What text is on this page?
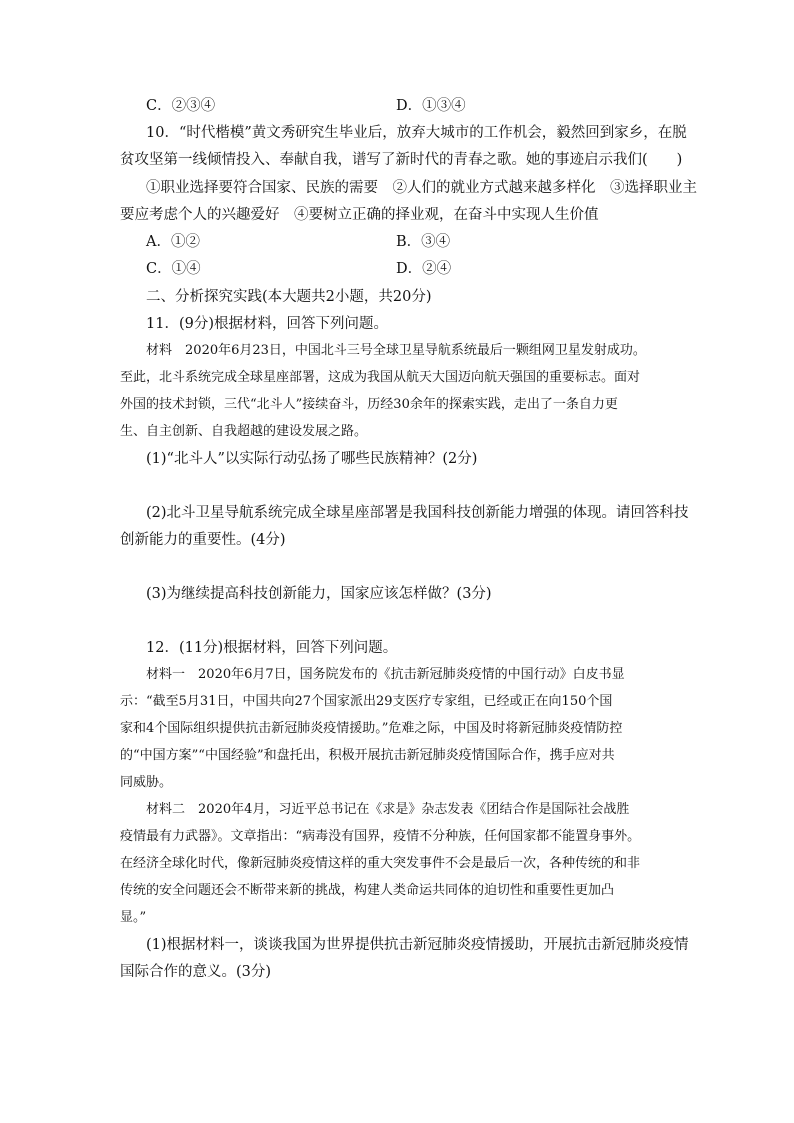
C．②③④	D．①③④
10．“时代楷模”黄文秀研究生毕业后，放弃大城市的工作机会，毅然回到家乡，在脱
贫攻坚第一线倾情投入、奉献自我，谱写了新时代的青春之歌。她的事迹启示我们(　　)
①职业选择要符合国家、民族的需要　②人们的就业方式越来越多样化　③选择职业主
要应考虑个人的兴趣爱好　④要树立正确的择业观，在奋斗中实现人生价值
A．①②	B．③④
C．①④	D．②④
二、分析探究实践(本大题共2小题，共20分)
11．(9分)根据材料，回答下列问题。
材料　 2020年6月23日，中国北斗三号全球卫星导航系统最后一颗组网卫星发射成功。
至此，北斗系统完成全球星座部署，这成为我国从航天大国迈向航天强国的重要标志。面对
外国的技术封锁，三代“北斗人”接续奋斗，历经30余年的探索实践，走出了一条自力更
生、自主创新、自我超越的建设发展之路。
(1)“北斗人”以实际行动弘扬了哪些民族精神？(2分)
(2)北斗卫星导航系统完成全球星座部署是我国科技创新能力增强的体现。请回答科技
创新能力的重要性。(4分)
(3)为继续提高科技创新能力，国家应该怎样做？(3分)
12．(11分)根据材料，回答下列问题。
材料一　 2020年6月7日，国务院发布的《抗击新冠肺炎疫情的中国行动》白皮书显
示：“截至5月31日，中国共向27个国家派出29支医疗专家组，已经或正在向150个国
家和4个国际组织提供抗击新冠肺炎疫情援助。”危难之际，中国及时将新冠肺炎疫情防控
的“中国方案”“中国经验”和盘托出，积极开展抗击新冠肺炎疫情国际合作，携手应对共
同威胁。
材料二　 2020年4月，习近平总书记在《求是》杂志发表《团结合作是国际社会战胜
疫情最有力武器》。文章指出：“病毒没有国界，疫情不分种族，任何国家都不能置身事外。
在经济全球化时代，像新冠肺炎疫情这样的重大突发事件不会是最后一次，各种传统的和非
传统的安全问题还会不断带来新的挑战，构建人类命运共同体的迫切性和重要性更加凸
显。”
(1)根据材料一，谈谈我国为世界提供抗击新冠肺炎疫情援助，开展抗击新冠肺炎疫情
国际合作的意义。(3分)
